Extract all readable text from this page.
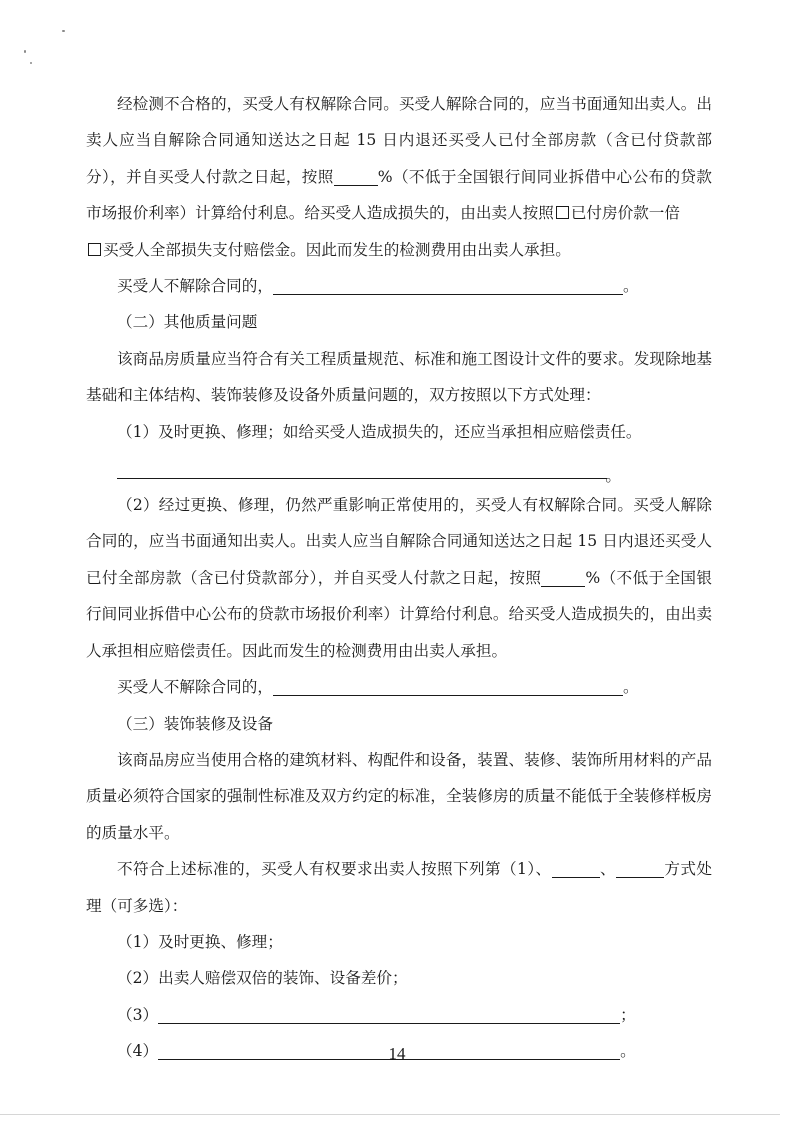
经检测不合格的，买受人有权解除合同。买受人解除合同的，应当书面通知出卖人。出卖人应当自解除合同通知送达之日起 15 日内退还买受人已付全部房款（含已付贷款部分），并自买受人付款之日起，按照	%（不低于全国银行间同业拆借中心公布的贷款市场报价利率）计算给付利息。给买受人造成损失的，由出卖人按照 已付房价款一倍
买受人全部损失支付赔偿金。因此而发生的检测费用由出卖人承担。

买受人不解除合同的，	。

（二）其他质量问题

该商品房质量应当符合有关工程质量规范、标准和施工图设计文件的要求。发现除地基基础和主体结构、装饰装修及设备外质量问题的，双方按照以下方式处理：

（1）及时更换、修理；如给买受人造成损失的，还应当承担相应赔偿责任。

。

（2）经过更换、修理，仍然严重影响正常使用的，买受人有权解除合同。买受人解除合同的，应当书面通知出卖人。出卖人应当自解除合同通知送达之日起 15 日内退还买受人已付全部房款（含已付贷款部分），并自买受人付款之日起，按照	%（不低于全国银行间同业拆借中心公布的贷款市场报价利率）计算给付利息。给买受人造成损失的，由出卖人承担相应赔偿责任。因此而发生的检测费用由出卖人承担。

买受人不解除合同的，	。

（三）装饰装修及设备

该商品房应当使用合格的建筑材料、构配件和设备，装置、装修、装饰所用材料的产品质量必须符合国家的强制性标准及双方约定的标准，全装修房的质量不能低于全装修样板房的质量水平。

不符合上述标准的，买受人有权要求出卖人按照下列第（1）、	、	方式处理（可多选）：

（1）及时更换、修理；

（2）出卖人赔偿双倍的装饰、设备差价；

（3）	；

（4）	。

14
